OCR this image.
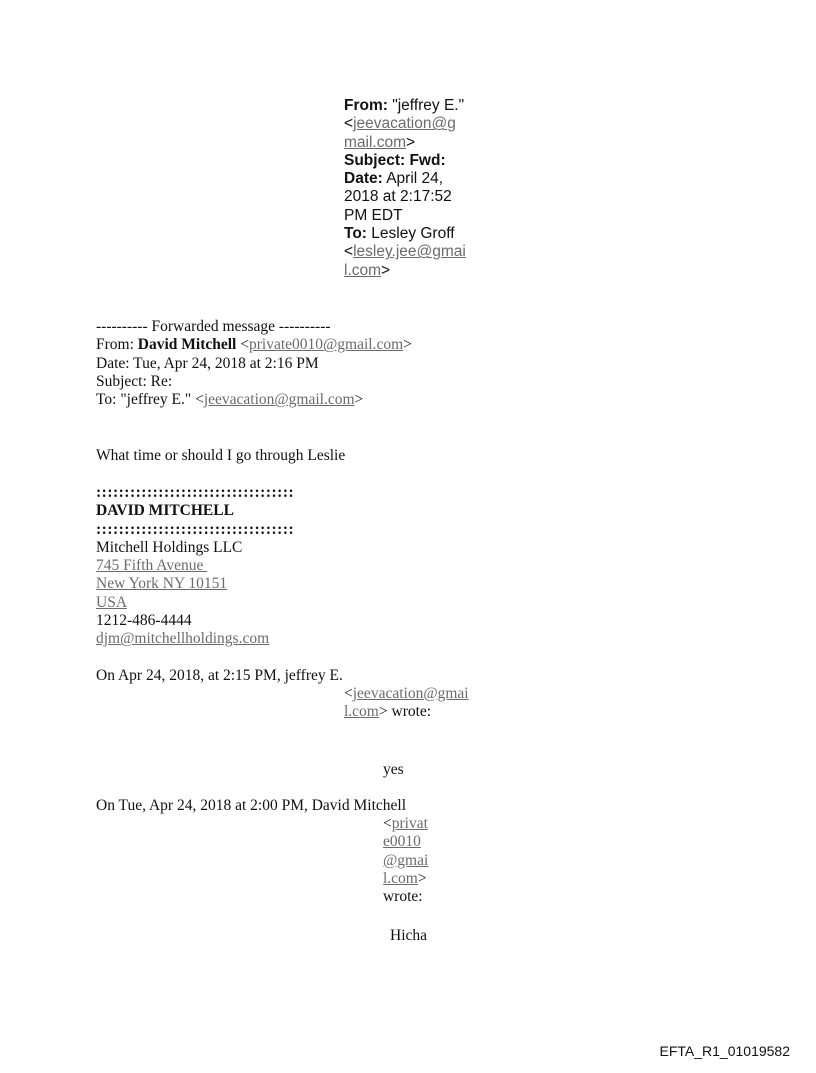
From: "jeffrey E."
<jeevacation@g
mail.com>
Subject: Fwd:
Date: April 24,
2018 at 2:17:52
PM EDT
To: Lesley Groff
<lesley.jee@gmai
l.com>
---------- Forwarded message ----------
From: David Mitchell <private0010@gmail.com>
Date: Tue, Apr 24, 2018 at 2:16 PM
Subject: Re:
To: "jeffrey E." <jeevacation@gmail.com>
What time or should I go through Leslie
:::::::::::::::::::::::::::::::::::
DAVID MITCHELL
:::::::::::::::::::::::::::::::::::
Mitchell Holdings LLC
745 Fifth Avenue
New York NY 10151
USA
1212-486-4444
djm@mitchellholdings.com
On Apr 24, 2018, at 2:15 PM, jeffrey E.
<jeevacation@gmai
l.com> wrote:
yes
On Tue, Apr 24, 2018 at 2:00 PM, David Mitchell
<privat
e0010
@gmai
l.com>
wrote:
Hicha
EFTA_R1_01019582
